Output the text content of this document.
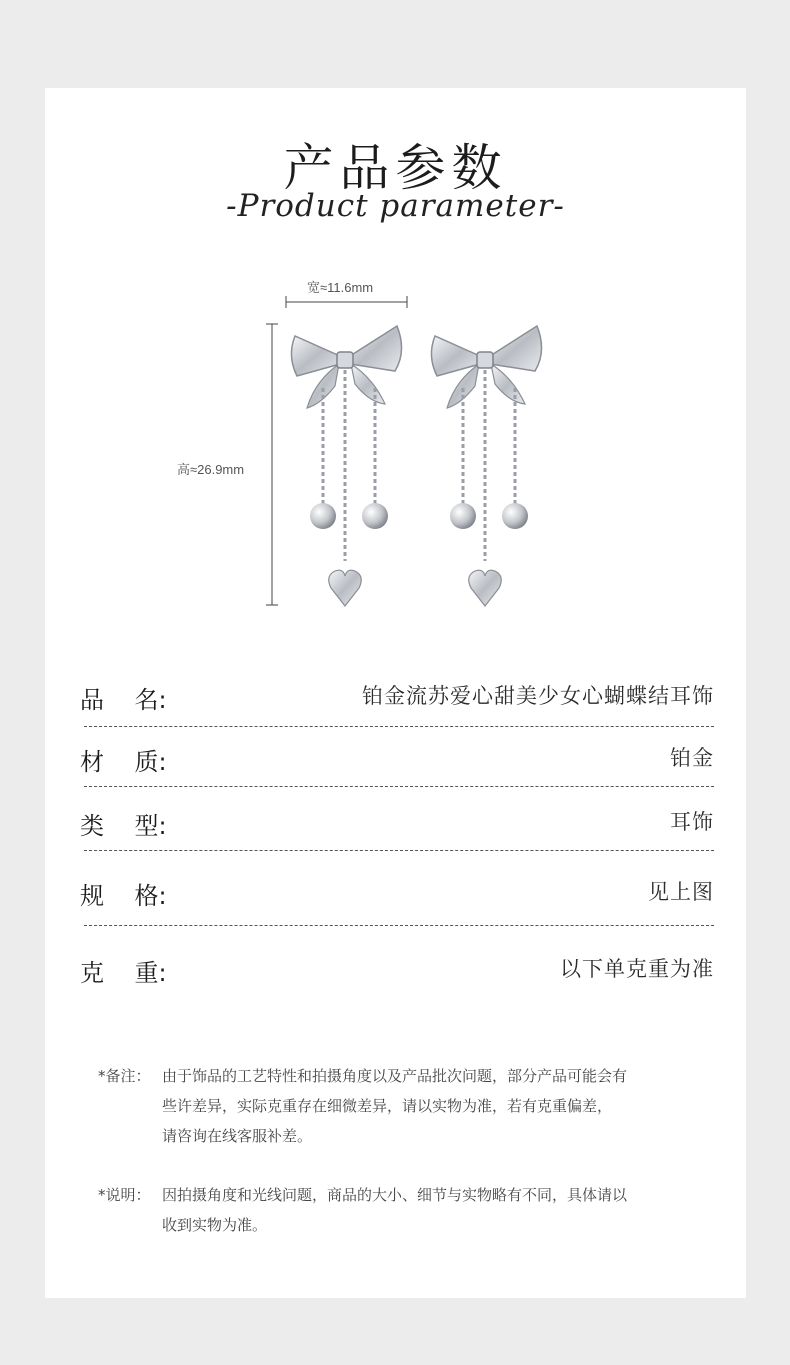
产品参数
-Product parameter-
宽≈11.6mm
高≈26.9mm
品    名:	铂金流苏爱心甜美少女心蝴蝶结耳饰
材    质:	铂金
类    型:	耳饰
规    格:	见上图
克    重:	以下单克重为准
*备注： 由于饰品的工艺特性和拍摄角度以及产品批次问题，部分产品可能会有
些许差异，实际克重存在细微差异，请以实物为准，若有克重偏差，
请咨询在线客服补差。
*说明： 因拍摄角度和光线问题，商品的大小、细节与实物略有不同，具体请以
收到实物为准。
